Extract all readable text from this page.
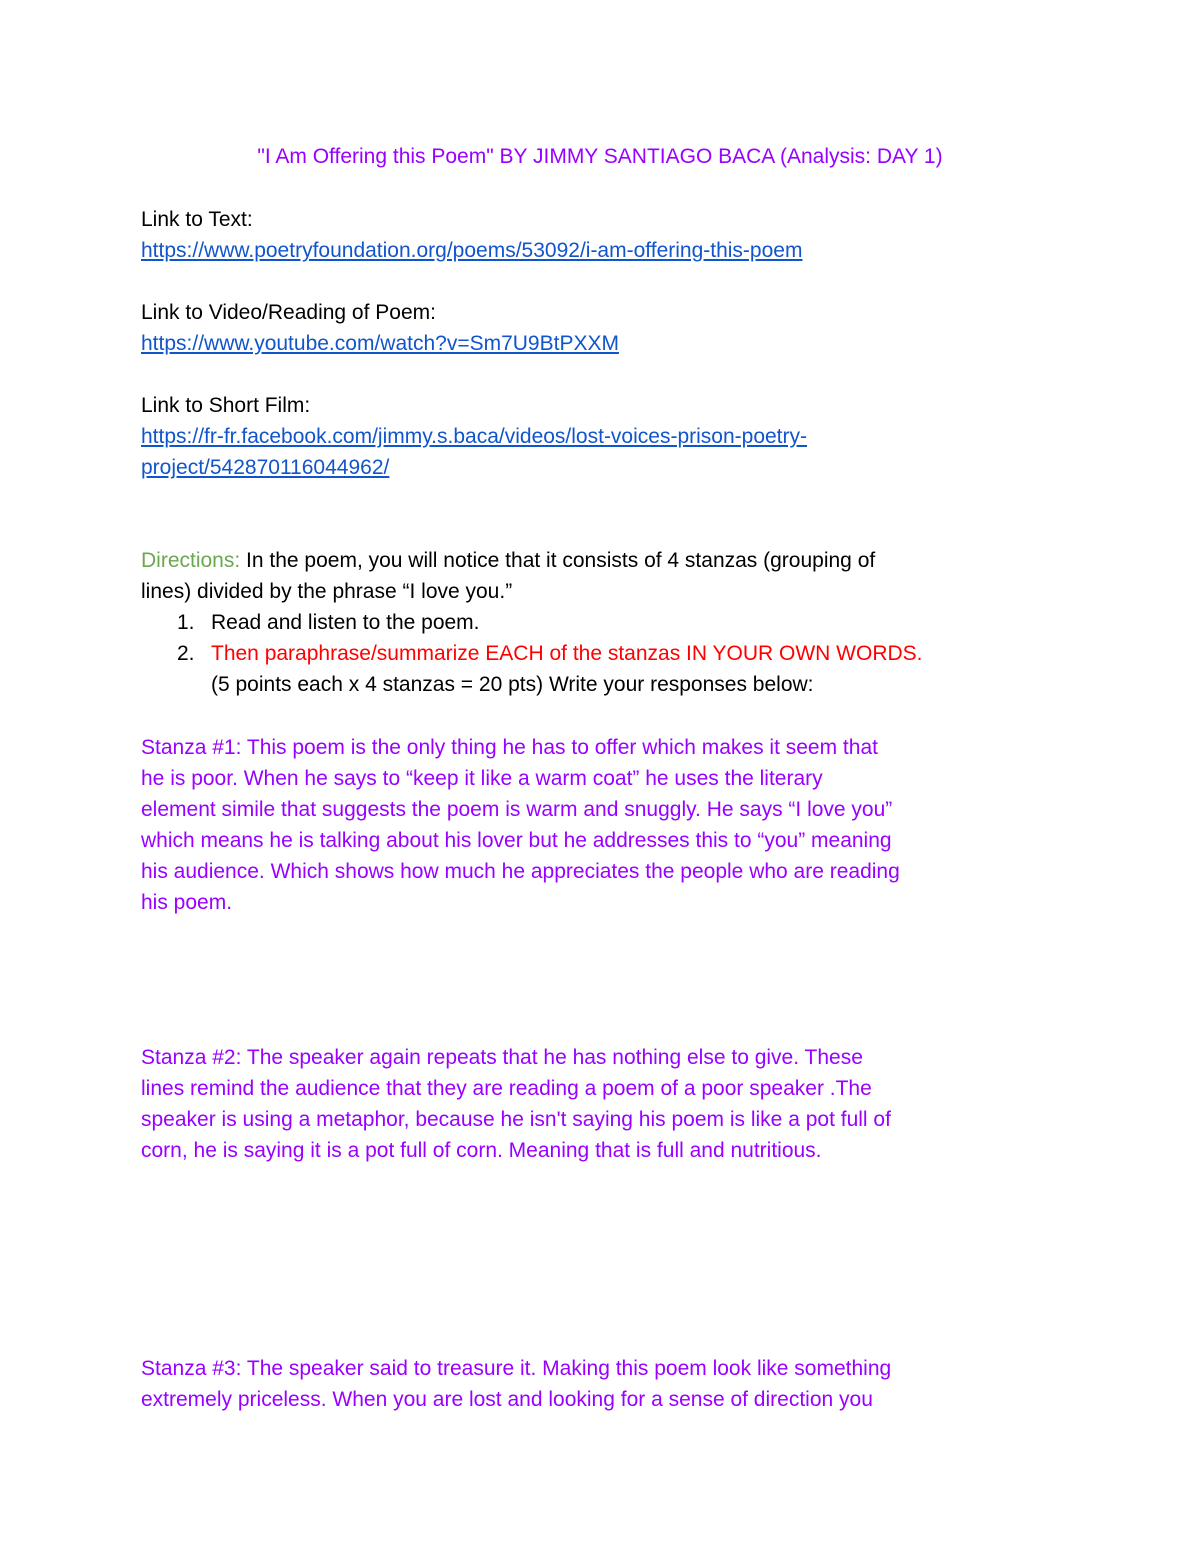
"I Am Offering this Poem" BY JIMMY SANTIAGO BACA (Analysis: DAY 1)

Link to Text:

https://www.poetryfoundation.org/poems/53092/i-am-offering-this-poem

Link to Video/Reading of Poem:

https://www.youtube.com/watch?v=Sm7U9BtPXXM

Link to Short Film:

https://fr-fr.facebook.com/jimmy.s.baca/videos/lost-voices-prison-poetry-

project/542870116044962/

Directions: In the poem, you will notice that it consists of 4 stanzas (grouping of

lines) divided by the phrase “I love you.”

1. Read and listen to the poem.
2. Then paraphrase/summarize EACH of the stanzas IN YOUR OWN WORDS.
(5 points each x 4 stanzas = 20 pts) Write your responses below:

Stanza #1: This poem is the only thing he has to offer which makes it seem that

he is poor. When he says to “keep it like a warm coat” he uses the literary

element simile that suggests the poem is warm and snuggly. He says “I love you”

which means he is talking about his lover but he addresses this to “you” meaning

his audience. Which shows how much he appreciates the people who are reading

his poem.

Stanza #2: The speaker again repeats that he has nothing else to give. These

lines remind the audience that they are reading a poem of a poor speaker .The

speaker is using a metaphor, because he isn't saying his poem is like a pot full of

corn, he is saying it is a pot full of corn. Meaning that is full and nutritious.

Stanza #3: The speaker said to treasure it. Making this poem look like something

extremely priceless. When you are lost and looking for a sense of direction you
